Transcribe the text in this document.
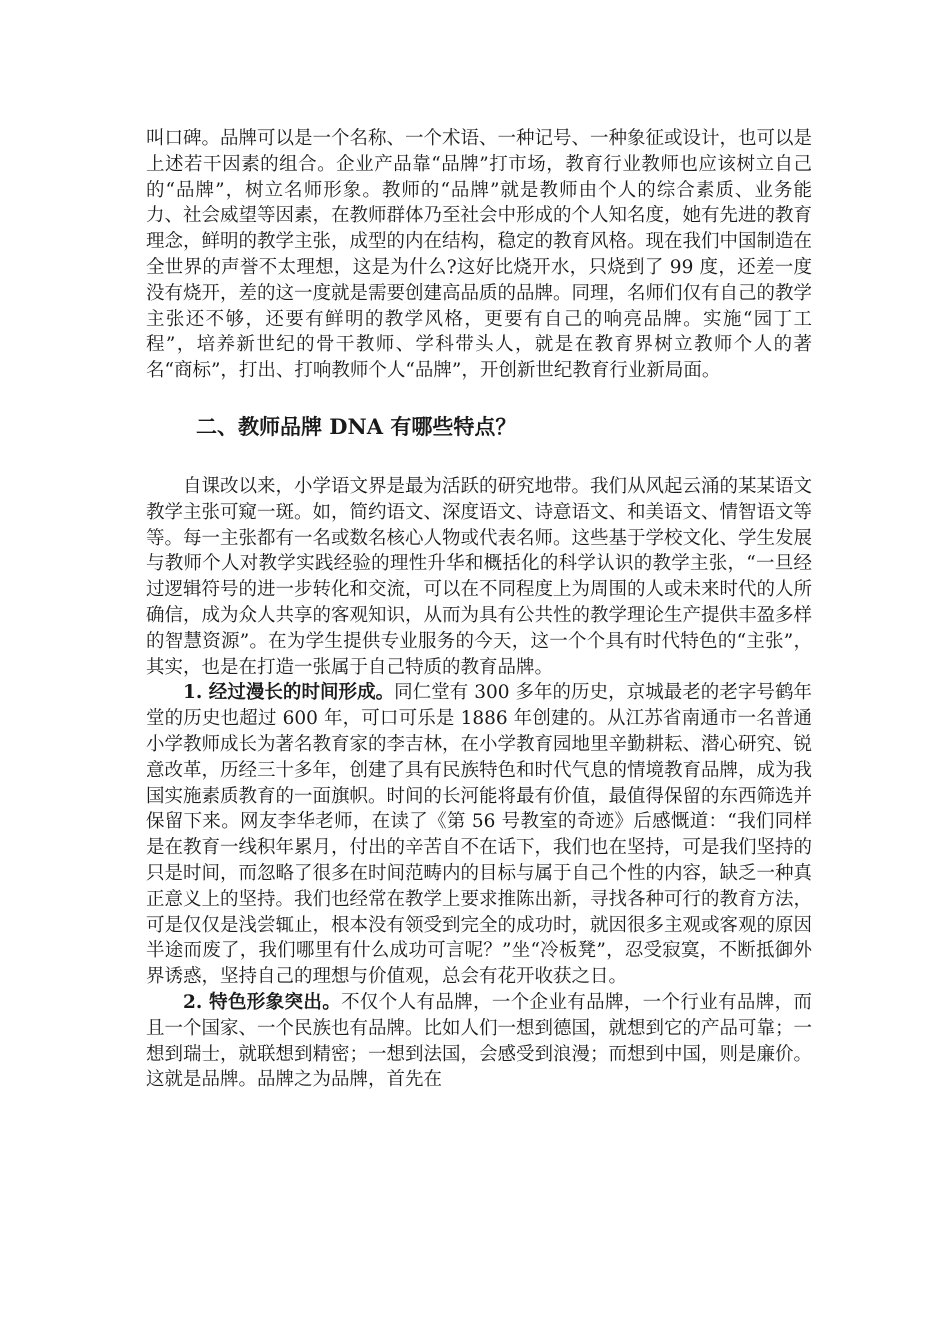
叫口碑。品牌可以是一个名称、一个术语、一种记号、一种象征或设计，也可以是上述若干因素的组合。企业产品靠“品牌”打市场，教育行业教师也应该树立自己的“品牌”，树立名师形象。教师的“品牌”就是教师由个人的综合素质、业务能力、社会威望等因素，在教师群体乃至社会中形成的个人知名度，她有先进的教育理念，鲜明的教学主张，成型的内在结构，稳定的教育风格。现在我们中国制造在全世界的声誉不太理想，这是为什么?这好比烧开水，只烧到了 99 度，还差一度没有烧开，差的这一度就是需要创建高品质的品牌。同理，名师们仅有自己的教学主张还不够，还要有鲜明的教学风格，更要有自己的响亮品牌。实施“园丁工程”，培养新世纪的骨干教师、学科带头人，就是在教育界树立教师个人的著名“商标”，打出、打响教师个人“品牌”，开创新世纪教育行业新局面。

二、教师品牌 DNA 有哪些特点？

自课改以来，小学语文界是最为活跃的研究地带。我们从风起云涌的某某语文教学主张可窥一斑。如，简约语文、深度语文、诗意语文、和美语文、情智语文等等。每一主张都有一名或数名核心人物或代表名师。这些基于学校文化、学生发展与教师个人对教学实践经验的理性升华和概括化的科学认识的教学主张，“一旦经过逻辑符号的进一步转化和交流，可以在不同程度上为周围的人或未来时代的人所确信，成为众人共享的客观知识，从而为具有公共性的教学理论生产提供丰盈多样的智慧资源”。在为学生提供专业服务的今天，这一个个具有时代特色的“主张”，其实，也是在打造一张属于自己特质的教育品牌。

1. 经过漫长的时间形成。同仁堂有 300 多年的历史，京城最老的老字号鹤年堂的历史也超过 600 年，可口可乐是 1886 年创建的。从江苏省南通市一名普通小学教师成长为著名教育家的李吉林，在小学教育园地里辛勤耕耘、潜心研究、锐意改革，历经三十多年，创建了具有民族特色和时代气息的情境教育品牌，成为我国实施素质教育的一面旗帜。时间的长河能将最有价值，最值得保留的东西筛选并保留下来。网友李华老师，在读了《第 56 号教室的奇迹》后感慨道：“我们同样是在教育一线积年累月，付出的辛苦自不在话下，我们也在坚持，可是我们坚持的只是时间，而忽略了很多在时间范畴内的目标与属于自己个性的内容，缺乏一种真正意义上的坚持。我们也经常在教学上要求推陈出新，寻找各种可行的教育方法，可是仅仅是浅尝辄止，根本没有领受到完全的成功时，就因很多主观或客观的原因半途而废了，我们哪里有什么成功可言呢？”坐“冷板凳”，忍受寂寞，不断抵御外界诱惑，坚持自己的理想与价值观，总会有花开收获之日。

2. 特色形象突出。不仅个人有品牌，一个企业有品牌，一个行业有品牌，而且一个国家、一个民族也有品牌。比如人们一想到德国，就想到它的产品可靠；一想到瑞士，就联想到精密；一想到法国，会感受到浪漫；而想到中国，则是廉价。这就是品牌。品牌之为品牌，首先在
